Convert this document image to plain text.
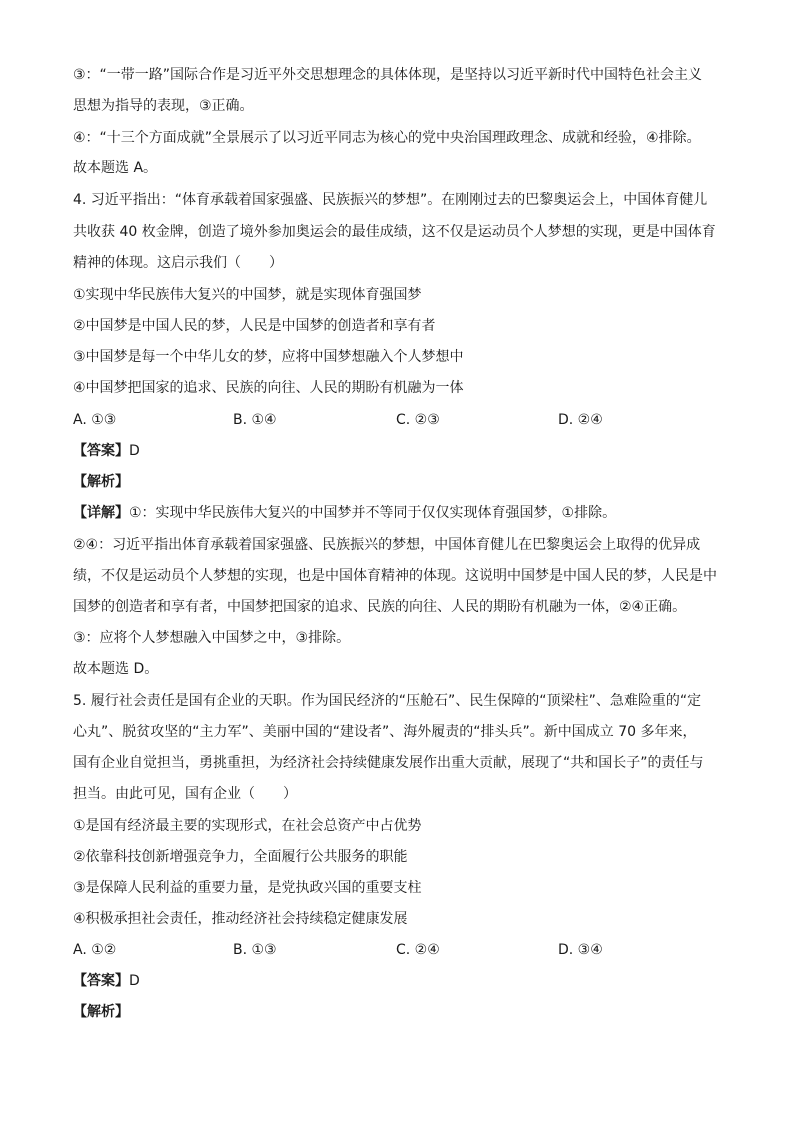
③：“一带一路”国际合作是习近平外交思想理念的具体体现，是坚持以习近平新时代中国特色社会主义
思想为指导的表现，③正确。
④：“十三个方面成就”全景展示了以习近平同志为核心的党中央治国理政理念、成就和经验，④排除。
故本题选 A。
4. 习近平指出：“体育承载着国家强盛、民族振兴的梦想”。在刚刚过去的巴黎奥运会上，中国体育健儿
共收获 40 枚金牌，创造了境外参加奥运会的最佳成绩，这不仅是运动员个人梦想的实现，更是中国体育
精神的体现。这启示我们（　　）
①实现中华民族伟大复兴的中国梦，就是实现体育强国梦
②中国梦是中国人民的梦，人民是中国梦的创造者和享有者
③中国梦是每一个中华儿女的梦，应将中国梦想融入个人梦想中
④中国梦把国家的追求、民族的向往、人民的期盼有机融为一体
A. ①③	B. ①④	C. ②③	D. ②④
【答案】D
【解析】
【详解】①：实现中华民族伟大复兴的中国梦并不等同于仅仅实现体育强国梦，①排除。
②④：习近平指出体育承载着国家强盛、民族振兴的梦想，中国体育健儿在巴黎奥运会上取得的优异成
绩，不仅是运动员个人梦想的实现，也是中国体育精神的体现。这说明中国梦是中国人民的梦，人民是中
国梦的创造者和享有者，中国梦把国家的追求、民族的向往、人民的期盼有机融为一体，②④正确。
③：应将个人梦想融入中国梦之中，③排除。
故本题选 D。
5. 履行社会责任是国有企业的天职。作为国民经济的“压舱石”、民生保障的“顶梁柱”、急难险重的“定
心丸”、脱贫攻坚的“主力军”、美丽中国的“建设者”、海外履责的“排头兵”。新中国成立 70 多年来，
国有企业自觉担当，勇挑重担，为经济社会持续健康发展作出重大贡献，展现了“共和国长子”的责任与
担当。由此可见，国有企业（　　）
①是国有经济最主要的实现形式，在社会总资产中占优势
②依靠科技创新增强竞争力，全面履行公共服务的职能
③是保障人民利益的重要力量，是党执政兴国的重要支柱
④积极承担社会责任，推动经济社会持续稳定健康发展
A. ①②	B. ①③	C. ②④	D. ③④
【答案】D
【解析】
